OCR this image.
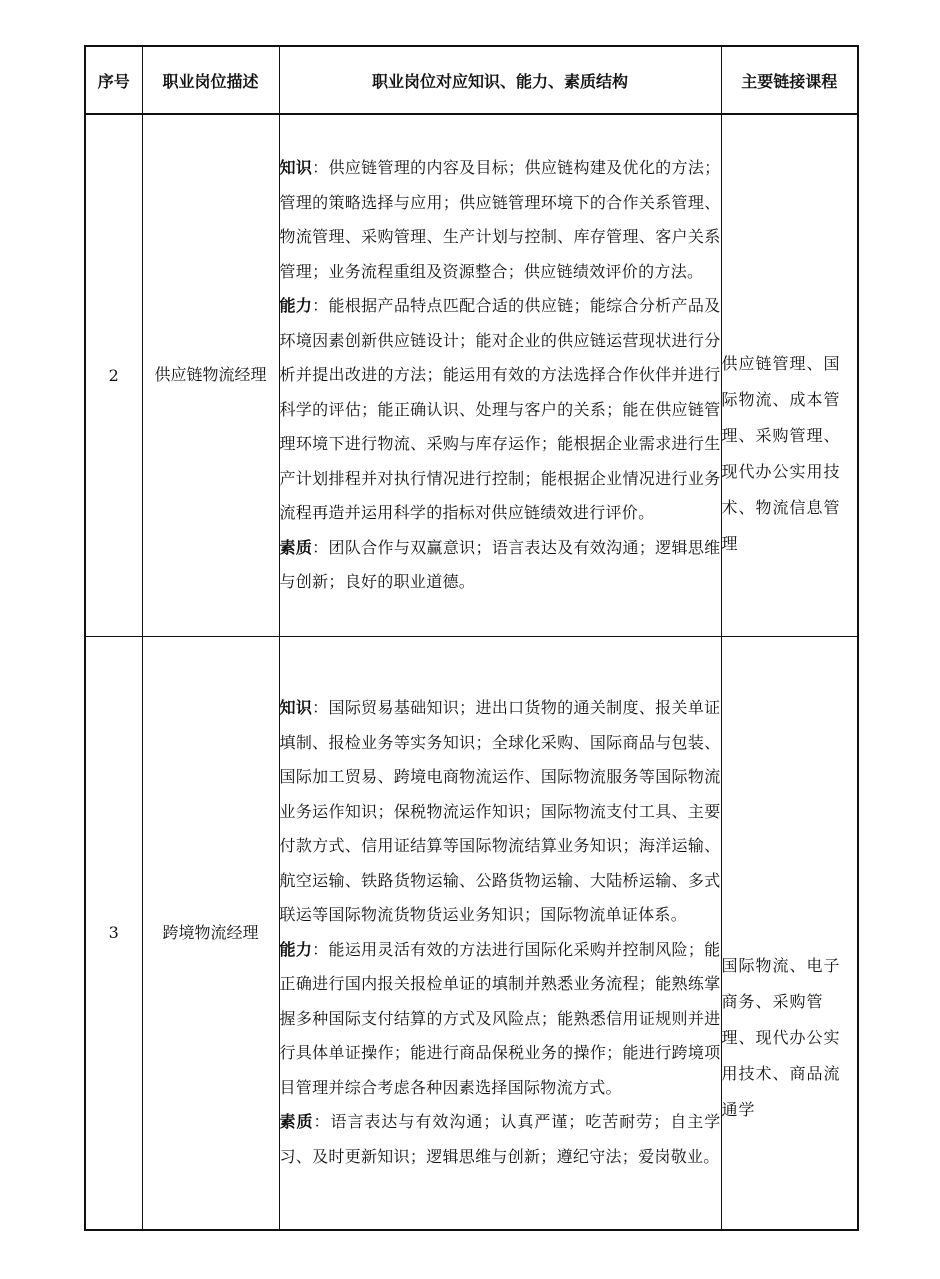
序号	职业岗位描述	职业岗位对应知识、能力、素质结构	主要链接课程
2	供应链物流经理	知识：供应链管理的内容及目标；供应链构建及优化的方法；管理的策略选择与应用；供应链管理环境下的合作关系管理、物流管理、采购管理、生产计划与控制、库存管理、客户关系管理；业务流程重组及资源整合；供应链绩效评价的方法。

能力：能根据产品特点匹配合适的供应链；能综合分析产品及环境因素创新供应链设计；能对企业的供应链运营现状进行分析并提出改进的方法；能运用有效的方法选择合作伙伴并进行科学的评估；能正确认识、处理与客户的关系；能在供应链管理环境下进行物流、采购与库存运作；能根据企业需求进行生产计划排程并对执行情况进行控制；能根据企业情况进行业务流程再造并运用科学的指标对供应链绩效进行评价。

素质：团队合作与双赢意识；语言表达及有效沟通；逻辑思维与创新；良好的职业道德。	供应链管理、国际物流、成本管理、采购管理、现代办公实用技术、物流信息管理

3	跨境物流经理	知识：国际贸易基础知识；进出口货物的通关制度、报关单证填制、报检业务等实务知识；全球化采购、国际商品与包装、国际加工贸易、跨境电商物流运作、国际物流服务等国际物流业务运作知识；保税物流运作知识；国际物流支付工具、主要付款方式、信用证结算等国际物流结算业务知识；海洋运输、航空运输、铁路货物运输、公路货物运输、大陆桥运输、多式联运等国际物流货物货运业务知识；国际物流单证体系。

能力：能运用灵活有效的方法进行国际化采购并控制风险；能正确进行国内报关报检单证的填制并熟悉业务流程；能熟练掌握多种国际支付结算的方式及风险点；能熟悉信用证规则并进行具体单证操作；能进行商品保税业务的操作；能进行跨境项目管理并综合考虑各种因素选择国际物流方式。

素质：语言表达与有效沟通；认真严谨；吃苦耐劳；自主学习、及时更新知识；逻辑思维与创新；遵纪守法；爱岗敬业。	国际物流、电子商务、采购管理、现代办公实用技术、商品流通学
